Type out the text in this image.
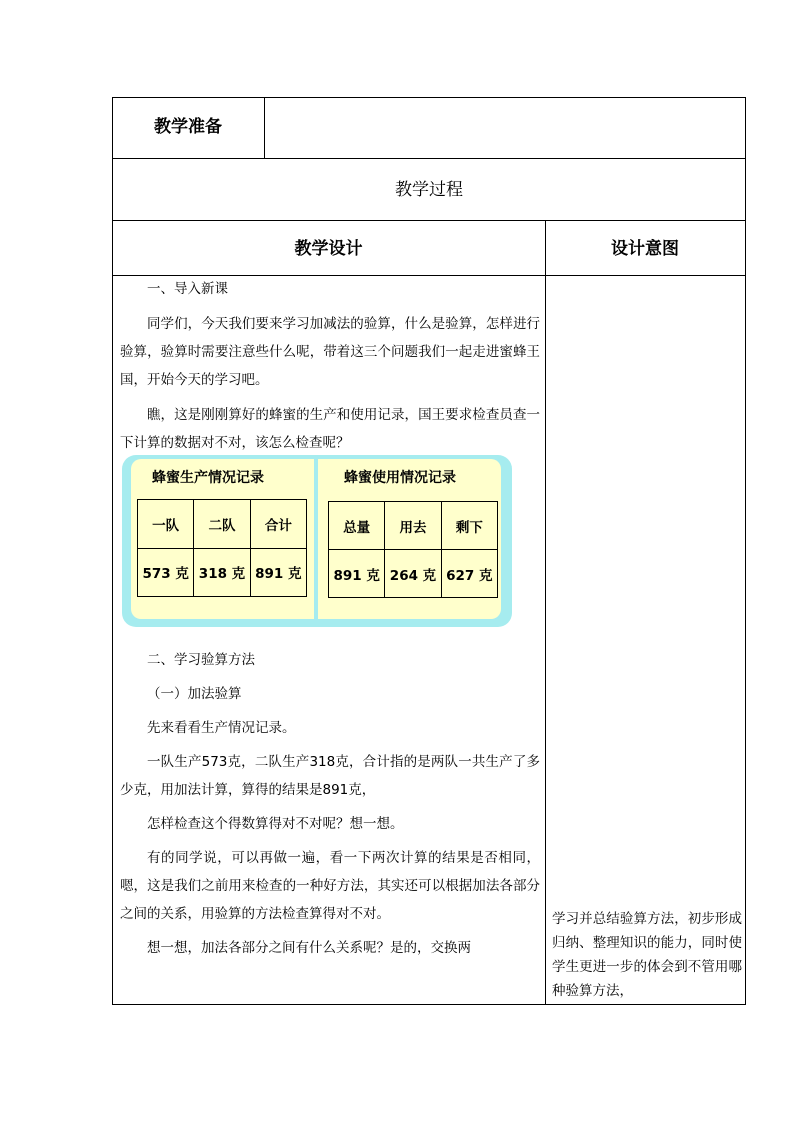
教学准备
教学过程
教学设计	设计意图

一、导入新课

同学们，今天我们要来学习加减法的验算，什么是验算，怎样进行验算，验算时需要注意些什么呢，带着这三个问题我们一起走进蜜蜂王国，开始今天的学习吧。

瞧，这是刚刚算好的蜂蜜的生产和使用记录，国王要求检查员查一下计算的数据对不对，该怎么检查呢？

蜂蜜生产情况记录
一队	二队	合计
573 克	318 克	891 克
蜂蜜使用情况记录
总量	用去	剩下
891 克	264 克	627 克

二、学习验算方法

（一）加法验算

先来看看生产情况记录。

一队生产573克，二队生产318克，合计指的是两队一共生产了多少克，用加法计算，算得的结果是891克，

怎样检查这个得数算得对不对呢？想一想。

有的同学说，可以再做一遍，看一下两次计算的结果是否相同，嗯，这是我们之前用来检查的一种好方法，其实还可以根据加法各部分之间的关系，用验算的方法检查算得对不对。

想一想，加法各部分之间有什么关系呢？是的，交换两

学习并总结验算方法，初步形成归纳、整理知识的能力，同时使学生更进一步的体会到不管用哪种验算方法，
